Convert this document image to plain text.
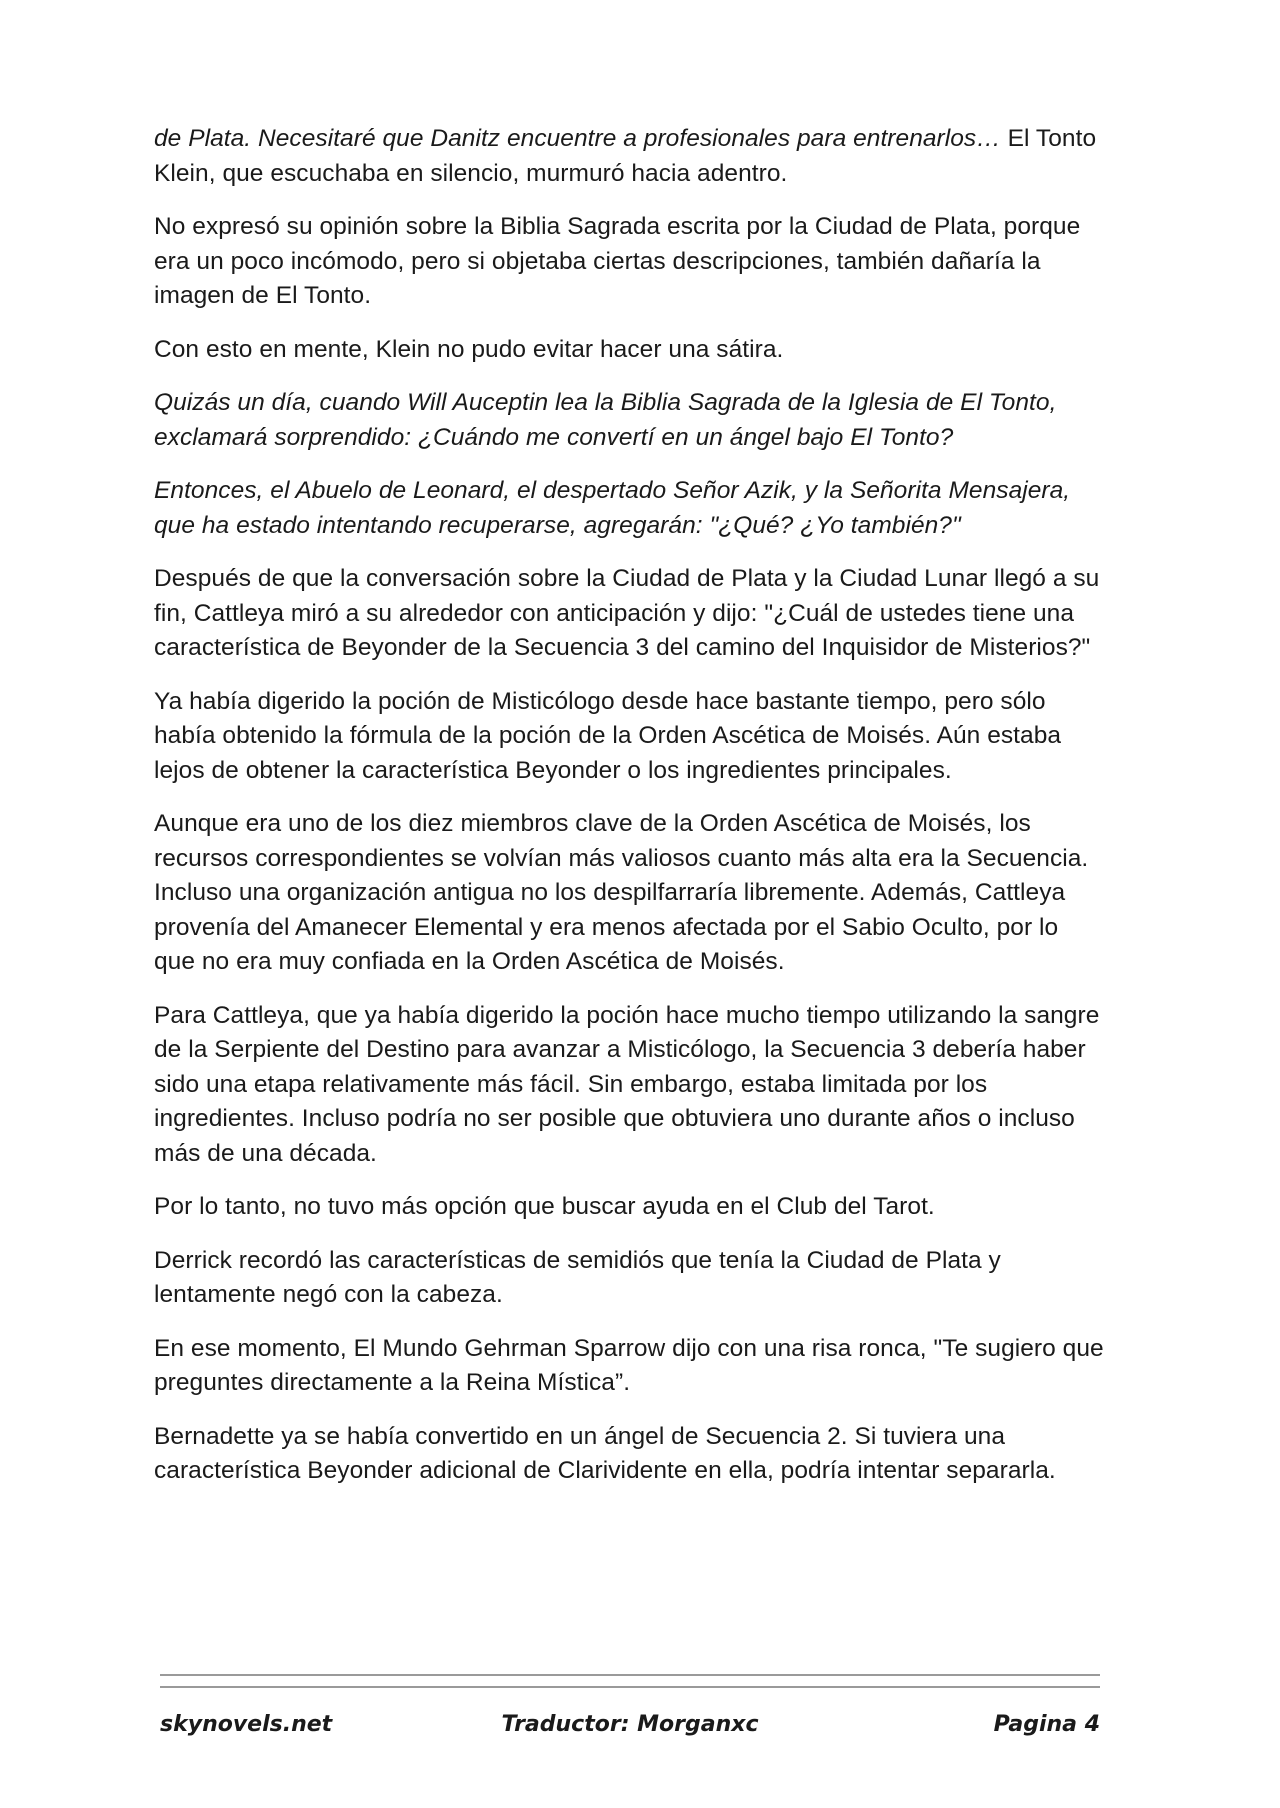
de Plata. Necesitaré que Danitz encuentre a profesionales para entrenarlos… El Tonto Klein, que escuchaba en silencio, murmuró hacia adentro.

No expresó su opinión sobre la Biblia Sagrada escrita por la Ciudad de Plata, porque era un poco incómodo, pero si objetaba ciertas descripciones, también dañaría la imagen de El Tonto.

Con esto en mente, Klein no pudo evitar hacer una sátira.

Quizás un día, cuando Will Auceptin lea la Biblia Sagrada de la Iglesia de El Tonto, exclamará sorprendido: ¿Cuándo me convertí en un ángel bajo El Tonto?

Entonces, el Abuelo de Leonard, el despertado Señor Azik, y la Señorita Mensajera, que ha estado intentando recuperarse, agregarán: "¿Qué? ¿Yo también?"

Después de que la conversación sobre la Ciudad de Plata y la Ciudad Lunar llegó a su fin, Cattleya miró a su alrededor con anticipación y dijo: "¿Cuál de ustedes tiene una característica de Beyonder de la Secuencia 3 del camino del Inquisidor de Misterios?"

Ya había digerido la poción de Misticólogo desde hace bastante tiempo, pero sólo había obtenido la fórmula de la poción de la Orden Ascética de Moisés. Aún estaba lejos de obtener la característica Beyonder o los ingredientes principales.

Aunque era uno de los diez miembros clave de la Orden Ascética de Moisés, los recursos correspondientes se volvían más valiosos cuanto más alta era la Secuencia. Incluso una organización antigua no los despilfarraría libremente. Además, Cattleya provenía del Amanecer Elemental y era menos afectada por el Sabio Oculto, por lo que no era muy confiada en la Orden Ascética de Moisés.

Para Cattleya, que ya había digerido la poción hace mucho tiempo utilizando la sangre de la Serpiente del Destino para avanzar a Misticólogo, la Secuencia 3 debería haber sido una etapa relativamente más fácil. Sin embargo, estaba limitada por los ingredientes. Incluso podría no ser posible que obtuviera uno durante años o incluso más de una década.

Por lo tanto, no tuvo más opción que buscar ayuda en el Club del Tarot.

Derrick recordó las características de semidiós que tenía la Ciudad de Plata y lentamente negó con la cabeza.

En ese momento, El Mundo Gehrman Sparrow dijo con una risa ronca, "Te sugiero que preguntes directamente a la Reina Mística”.

Bernadette ya se había convertido en un ángel de Secuencia 2. Si tuviera una característica Beyonder adicional de Clarividente en ella, podría intentar separarla.

skynovels.net	Traductor: Morganxc	Pagina 4
